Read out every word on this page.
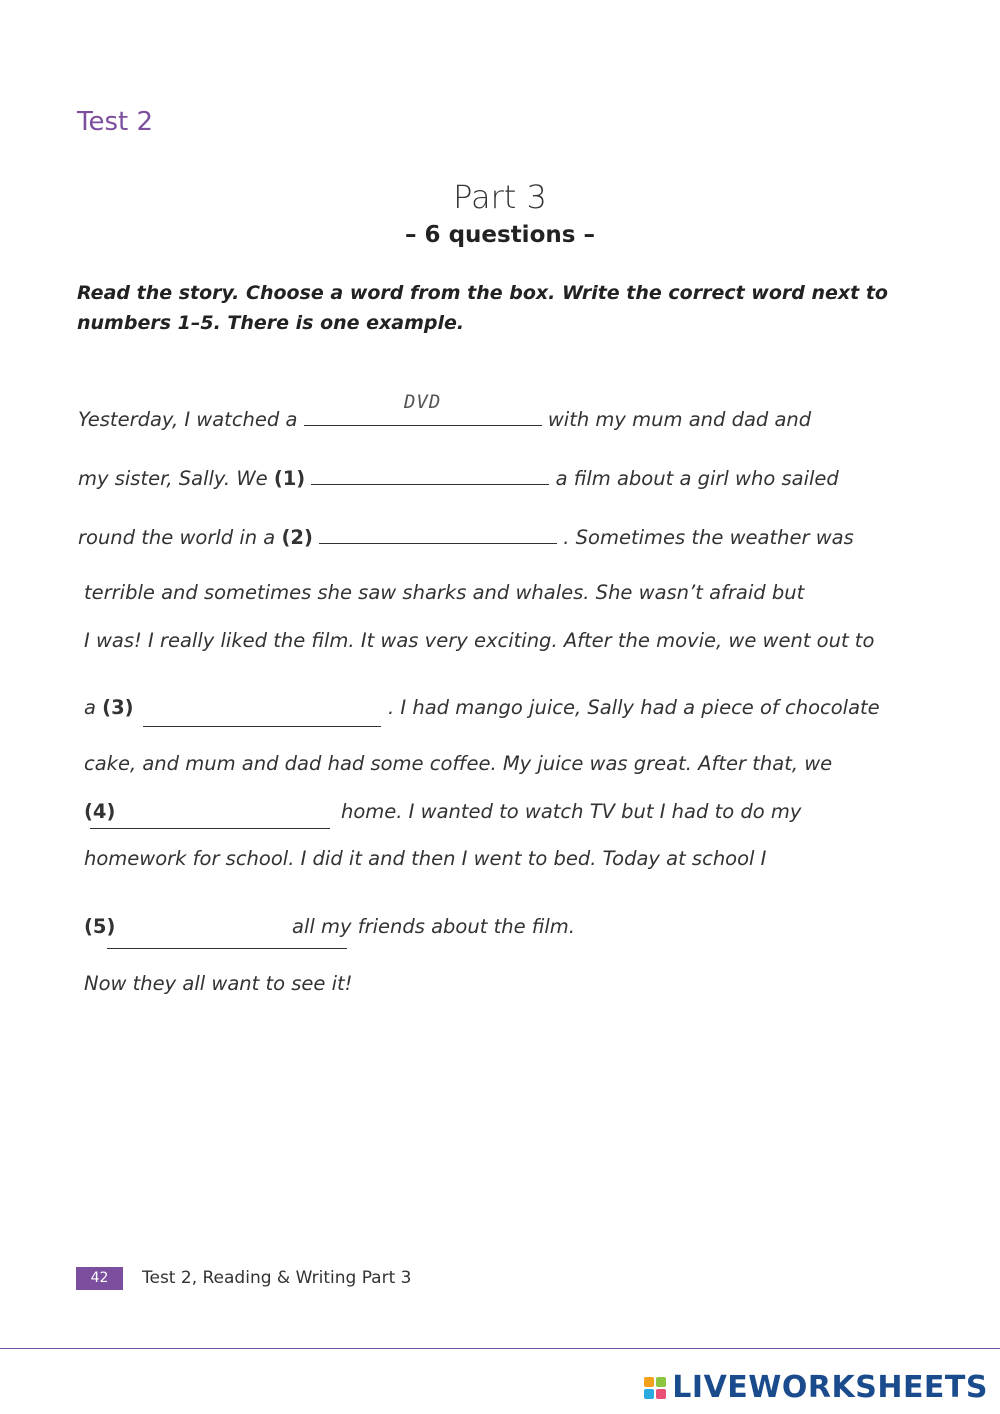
Test 2
Part 3
– 6 questions –
Read the story. Choose a word from the box. Write the correct word next to numbers 1–5. There is one example.
Yesterday, I watched a
DVD
with my mum and dad and
my sister, Sally. We (1)	a film about a girl who sailed
round the world in a (2)	. Sometimes the weather was
terrible and sometimes she saw sharks and whales. She wasn’t afraid but
I was! I really liked the film. It was very exciting. After the movie, we went out to
a (3)	. I had mango juice, Sally had a piece of chocolate
cake, and mum and dad had some coffee. My juice was great. After that, we
(4)	home. I wanted to watch TV but I had to do my
homework for school. I did it and then I went to bed. Today at school I
(5)	all my friends about the film.
Now they all want to see it!
42	Test 2, Reading & Writing Part 3
LIVEWORKSHEETS
